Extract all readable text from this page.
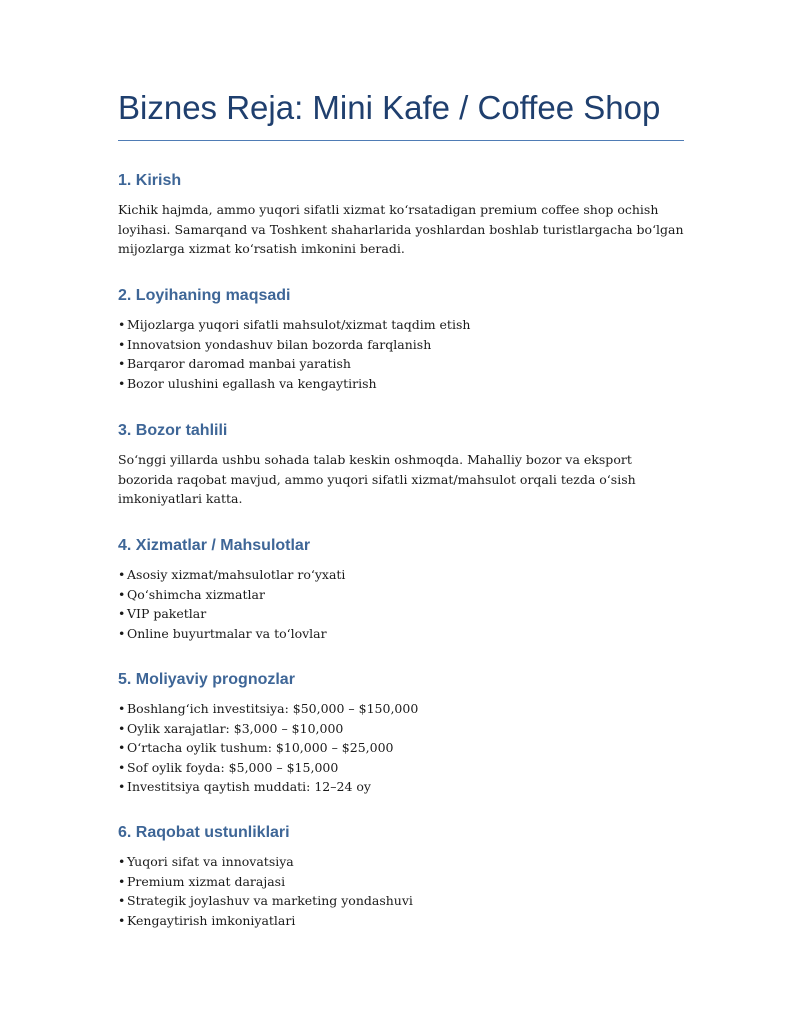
Biznes Reja: Mini Kafe / Coffee Shop
1. Kirish

Kichik hajmda, ammo yuqori sifatli xizmat ko‘rsatadigan premium coffee shop ochish loyihasi. Samarqand va Toshkent shaharlarida yoshlardan boshlab turistlargacha bo‘lgan mijozlarga xizmat ko‘rsatish imkonini beradi.

2. Loyihaning maqsadi
• Mijozlarga yuqori sifatli mahsulot/xizmat taqdim etish
• Innovatsion yondashuv bilan bozorda farqlanish
• Barqaror daromad manbai yaratish
• Bozor ulushini egallash va kengaytirish
3. Bozor tahlili

So‘nggi yillarda ushbu sohada talab keskin oshmoqda. Mahalliy bozor va eksport bozorida raqobat mavjud, ammo yuqori sifatli xizmat/mahsulot orqali tezda o‘sish imkoniyatlari katta.

4. Xizmatlar / Mahsulotlar
• Asosiy xizmat/mahsulotlar ro‘yxati
• Qo‘shimcha xizmatlar
• VIP paketlar
• Online buyurtmalar va to‘lovlar
5. Moliyaviy prognozlar
• Boshlang‘ich investitsiya: $50,000 – $150,000
• Oylik xarajatlar: $3,000 – $10,000
• O‘rtacha oylik tushum: $10,000 – $25,000
• Sof oylik foyda: $5,000 – $15,000
• Investitsiya qaytish muddati: 12–24 oy
6. Raqobat ustunliklari
• Yuqori sifat va innovatsiya
• Premium xizmat darajasi
• Strategik joylashuv va marketing yondashuvi
• Kengaytirish imkoniyatlari
